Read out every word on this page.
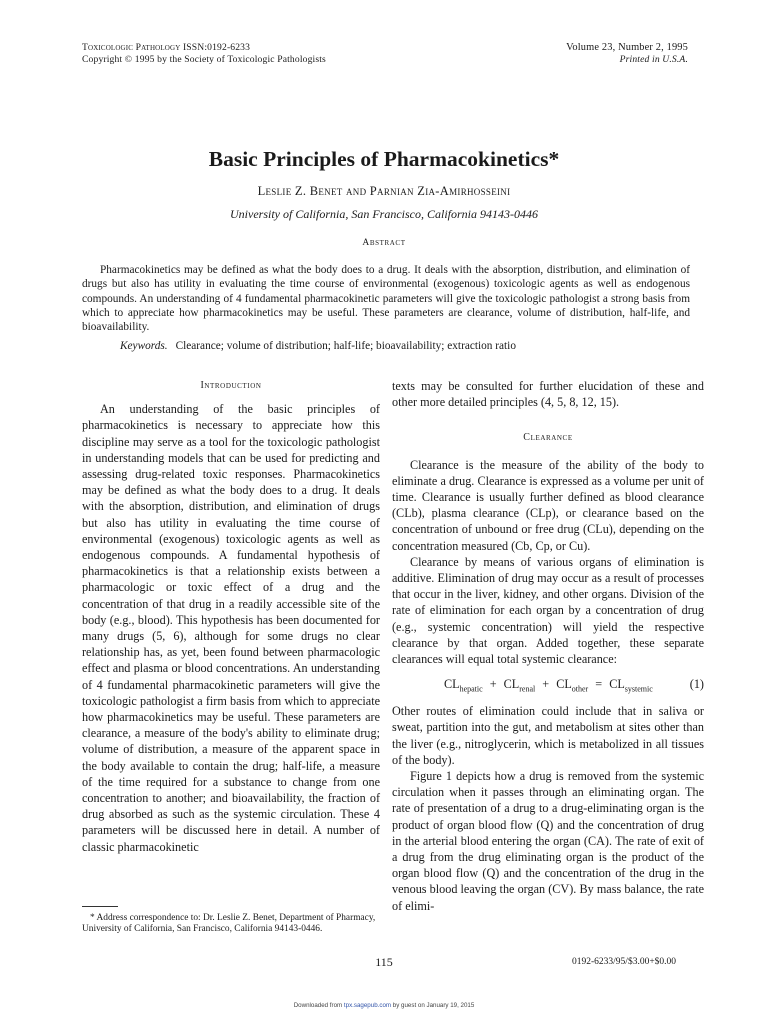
Toxicologic Pathology ISSN:0192-6233
Copyright © 1995 by the Society of Toxicologic Pathologists
Volume 23, Number 2, 1995
Printed in U.S.A.
Basic Principles of Pharmacokinetics*
Leslie Z. Benet and Parnian Zia-Amirhosseini
University of California, San Francisco, California 94143-0446
Abstract

Pharmacokinetics may be defined as what the body does to a drug. It deals with the absorption, distribution, and elimination of drugs but also has utility in evaluating the time course of environmental (exogenous) toxicologic agents as well as endogenous compounds. An understanding of 4 fundamental pharmacokinetic parameters will give the toxicologic pathologist a strong basis from which to appreciate how pharmacokinetics may be useful. These parameters are clearance, volume of distribution, half-life, and bioavailability.

Keywords. Clearance; volume of distribution; half-life; bioavailability; extraction ratio
Introduction

An understanding of the basic principles of pharmacokinetics is necessary to appreciate how this discipline may serve as a tool for the toxicologic pathologist in understanding models that can be used for predicting and assessing drug-related toxic responses. Pharmacokinetics may be defined as what the body does to a drug. It deals with the absorption, distribution, and elimination of drugs but also has utility in evaluating the time course of environmental (exogenous) toxicologic agents as well as endogenous compounds. A fundamental hypothesis of pharmacokinetics is that a relationship exists between a pharmacologic or toxic effect of a drug and the concentration of that drug in a readily accessible site of the body (e.g., blood). This hypothesis has been documented for many drugs (5, 6), although for some drugs no clear relationship has, as yet, been found between pharmacologic effect and plasma or blood concentrations. An understanding of 4 fundamental pharmacokinetic parameters will give the toxicologic pathologist a firm basis from which to appreciate how pharmacokinetics may be useful. These parameters are clearance, a measure of the body's ability to eliminate drug; volume of distribution, a measure of the apparent space in the body available to contain the drug; half-life, a measure of the time required for a substance to change from one concentration to another; and bioavailability, the fraction of drug absorbed as such as the systemic circulation. These 4 parameters will be discussed here in detail. A number of classic pharmacokinetic

texts may be consulted for further elucidation of these and other more detailed principles (4, 5, 8, 12, 15).

Clearance

Clearance is the measure of the ability of the body to eliminate a drug. Clearance is expressed as a volume per unit of time. Clearance is usually further defined as blood clearance (CLb), plasma clearance (CLp), or clearance based on the concentration of unbound or free drug (CLu), depending on the concentration measured (Cb, Cp, or Cu).

Clearance by means of various organs of elimination is additive. Elimination of drug may occur as a result of processes that occur in the liver, kidney, and other organs. Division of the rate of elimination for each organ by a concentration of drug (e.g., systemic concentration) will yield the respective clearance by that organ. Added together, these separate clearances will equal total systemic clearance:

$CL_{hepatic} + CL_{renal} + CL_{other} = CL_{systemic}$	(1)

Other routes of elimination could include that in saliva or sweat, partition into the gut, and metabolism at sites other than the liver (e.g., nitroglycerin, which is metabolized in all tissues of the body).

Figure 1 depicts how a drug is removed from the systemic circulation when it passes through an eliminating organ. The rate of presentation of a drug to a drug-eliminating organ is the product of organ blood flow (Q) and the concentration of drug in the arterial blood entering the organ (CA). The rate of exit of a drug from the drug eliminating organ is the product of the organ blood flow (Q) and the concentration of the drug in the venous blood leaving the organ (CV). By mass balance, the rate of elimi-

* Address correspondence to: Dr. Leslie Z. Benet, Department of Pharmacy, University of California, San Francisco, California 94143-0446.

115	0192-6233/95/$3.00+$0.00
Downloaded from tpx.sagepub.com by guest on January 19, 2015
